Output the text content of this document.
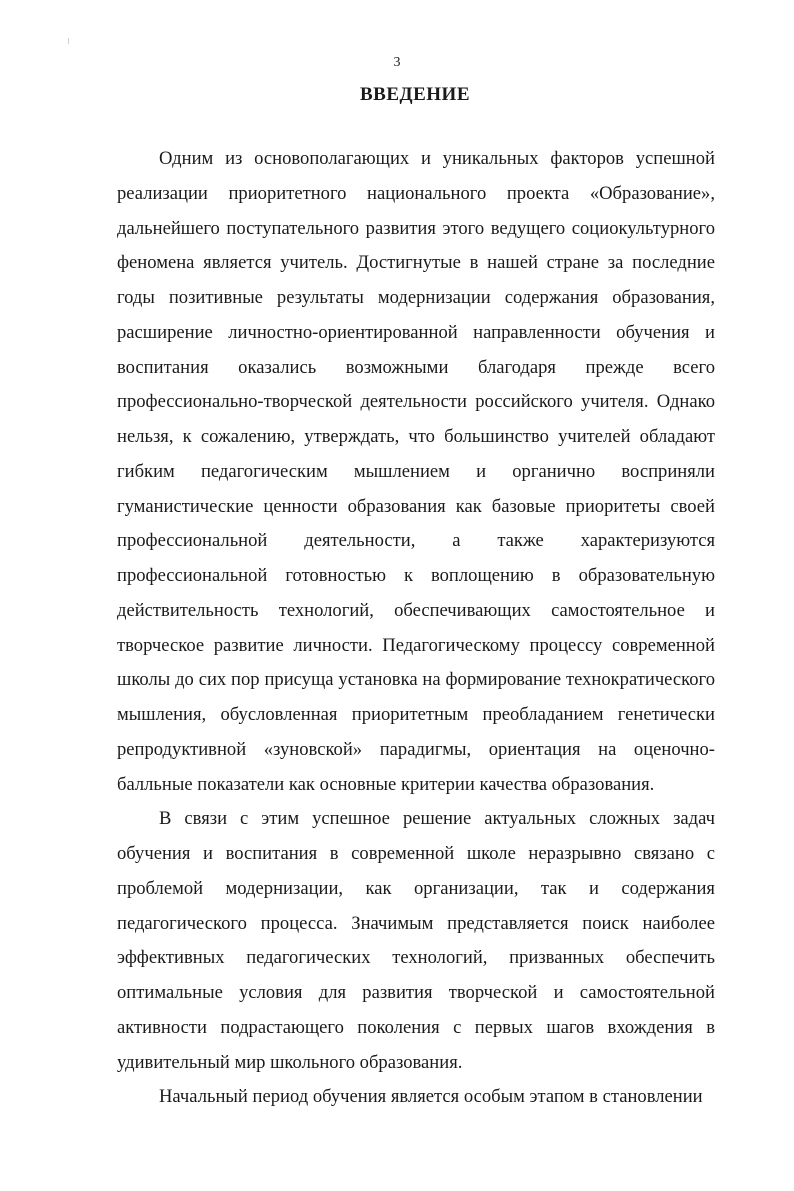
3
ВВЕДЕНИЕ

Одним из основополагающих и уникальных факторов успешной реализации приоритетного национального проекта «Образование», дальнейшего поступательного развития этого ведущего социокультурного феномена является учитель. Достигнутые в нашей стране за последние годы позитивные результаты модернизации содержания образования, расширение личностно-ориентированной направленности обучения и воспитания оказались возможными благодаря прежде всего профессионально-творческой деятельности российского учителя. Однако нельзя, к сожалению, утверждать, что большинство учителей обладают гибким педагогическим мышлением и органично восприняли гуманистические ценности образования как базовые приоритеты своей профессиональной деятельности, а также характеризуются профессиональной готовностью к воплощению в образовательную действительность технологий, обеспечивающих самостоятельное и творческое развитие личности. Педагогическому процессу современной школы до сих пор присуща установка на формирование технократического мышления, обусловленная приоритетным преобладанием генетически репродуктивной «зуновской» парадигмы, ориентация на оценочно-балльные показатели как основные критерии качества образования.

В связи с этим успешное решение актуальных сложных задач обучения и воспитания в современной школе неразрывно связано с проблемой модернизации, как организации, так и содержания педагогического процесса. Значимым представляется поиск наиболее эффективных педагогических технологий, призванных обеспечить оптимальные условия для развития творческой и самостоятельной активности подрастающего поколения с первых шагов вхождения в удивительный мир школьного образования.

Начальный период обучения является особым этапом в становлении
